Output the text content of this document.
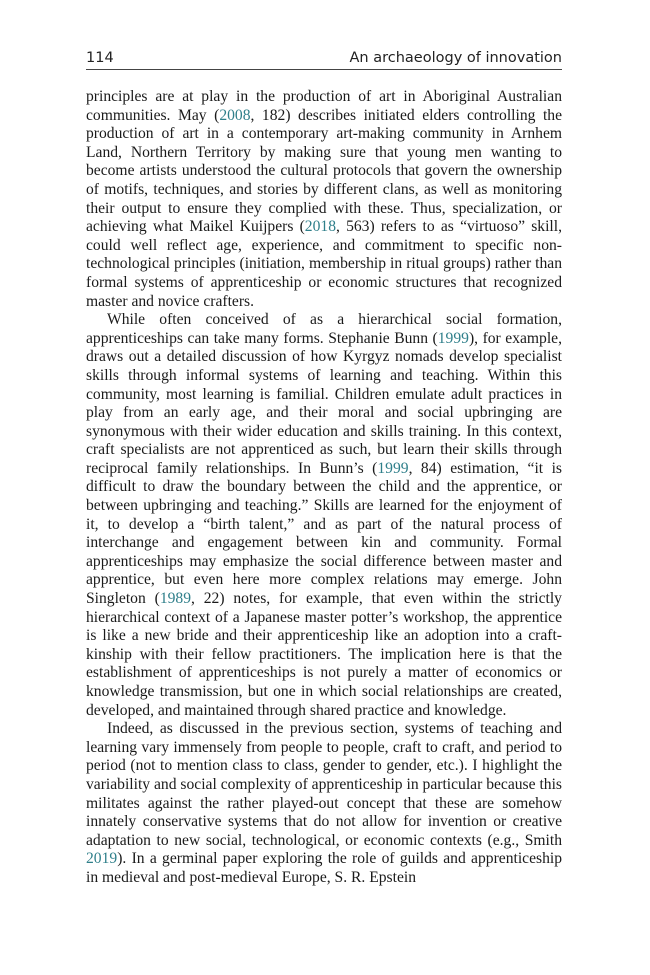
114	An archaeology of innovation

principles are at play in the production of art in Aboriginal Australian communities. May (2008, 182) describes initiated elders controlling the production of art in a contemporary art-making community in Arnhem Land, Northern Territory by making sure that young men wanting to become artists understood the cultural protocols that govern the ownership of motifs, techniques, and stories by different clans, as well as monitoring their output to ensure they complied with these. Thus, specialization, or achieving what Maikel Kuijpers (2018, 563) refers to as “virtuoso” skill, could well reflect age, experience, and commitment to specific non-technological principles (initiation, membership in ritual groups) rather than formal systems of apprenticeship or economic structures that recognized master and novice crafters.

While often conceived of as a hierarchical social formation, apprenticeships can take many forms. Stephanie Bunn (1999), for example, draws out a detailed discussion of how Kyrgyz nomads develop specialist skills through informal systems of learning and teaching. Within this community, most learning is familial. Children emulate adult practices in play from an early age, and their moral and social upbringing are synonymous with their wider education and skills training. In this context, craft specialists are not apprenticed as such, but learn their skills through reciprocal family relationships. In Bunn’s (1999, 84) estimation, “it is difficult to draw the boundary between the child and the apprentice, or between upbringing and teaching.” Skills are learned for the enjoyment of it, to develop a “birth talent,” and as part of the natural process of interchange and engagement between kin and community. Formal apprenticeships may emphasize the social difference between master and apprentice, but even here more complex relations may emerge. John Singleton (1989, 22) notes, for example, that even within the strictly hierarchical context of a Japanese master potter’s workshop, the apprentice is like a new bride and their apprenticeship like an adoption into a craft-kinship with their fellow practitioners. The implication here is that the establishment of apprenticeships is not purely a matter of economics or knowledge transmission, but one in which social relationships are created, developed, and maintained through shared practice and knowledge.

Indeed, as discussed in the previous section, systems of teaching and learning vary immensely from people to people, craft to craft, and period to period (not to mention class to class, gender to gender, etc.). I highlight the variability and social complexity of apprenticeship in particular because this militates against the rather played-out concept that these are somehow innately conservative systems that do not allow for invention or creative adaptation to new social, technological, or economic contexts (e.g., Smith 2019). In a germinal paper exploring the role of guilds and apprenticeship in medieval and post-medieval Europe, S. R. Epstein
